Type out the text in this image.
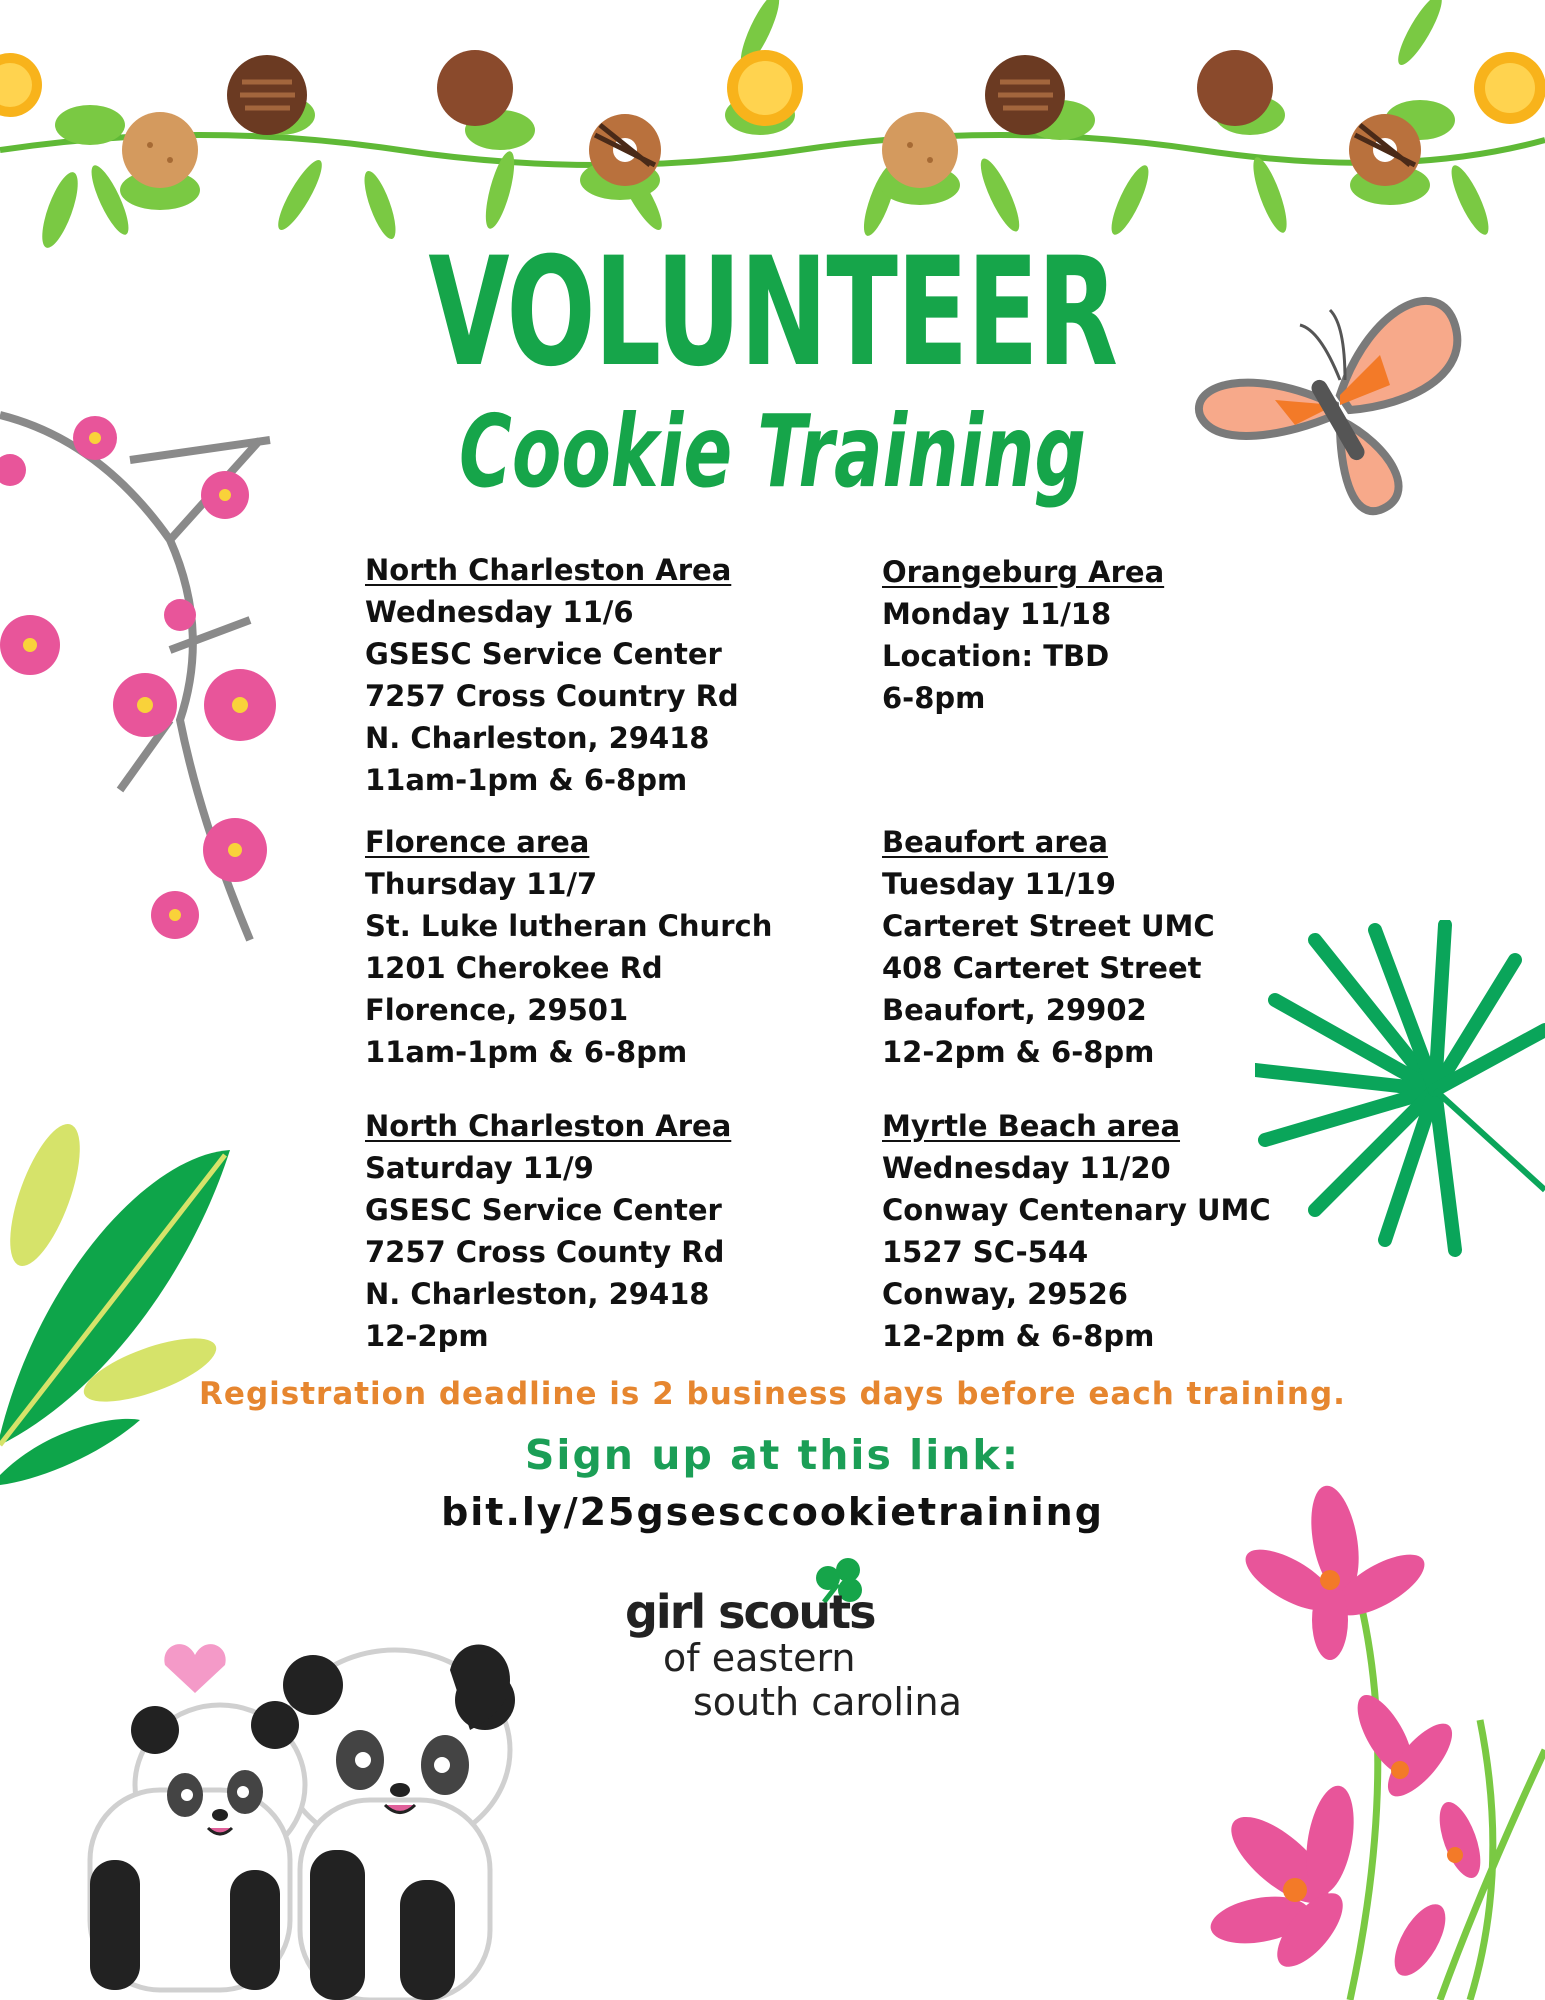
VOLUNTEER
Cookie Training
North Charleston Area
Wednesday 11/6
GSESC Service Center
7257 Cross Country Rd
N. Charleston, 29418
11am-1pm & 6-8pm
Orangeburg Area
Monday 11/18
Location: TBD
6-8pm
Florence area
Thursday 11/7
St. Luke lutheran Church
1201 Cherokee Rd
Florence, 29501
11am-1pm & 6-8pm
Beaufort area
Tuesday 11/19
Carteret Street UMC
408 Carteret Street
Beaufort, 29902
12-2pm & 6-8pm
North Charleston Area
Saturday 11/9
GSESC Service Center
7257 Cross County Rd
N. Charleston, 29418
12-2pm
Myrtle Beach area
Wednesday 11/20
Conway Centenary UMC
1527 SC-544
Conway, 29526
12-2pm & 6-8pm
Registration deadline is 2 business days before each training.
Sign up at this link:
bit.ly/25gsesccookietraining
girl scouts
of eastern
south carolina
